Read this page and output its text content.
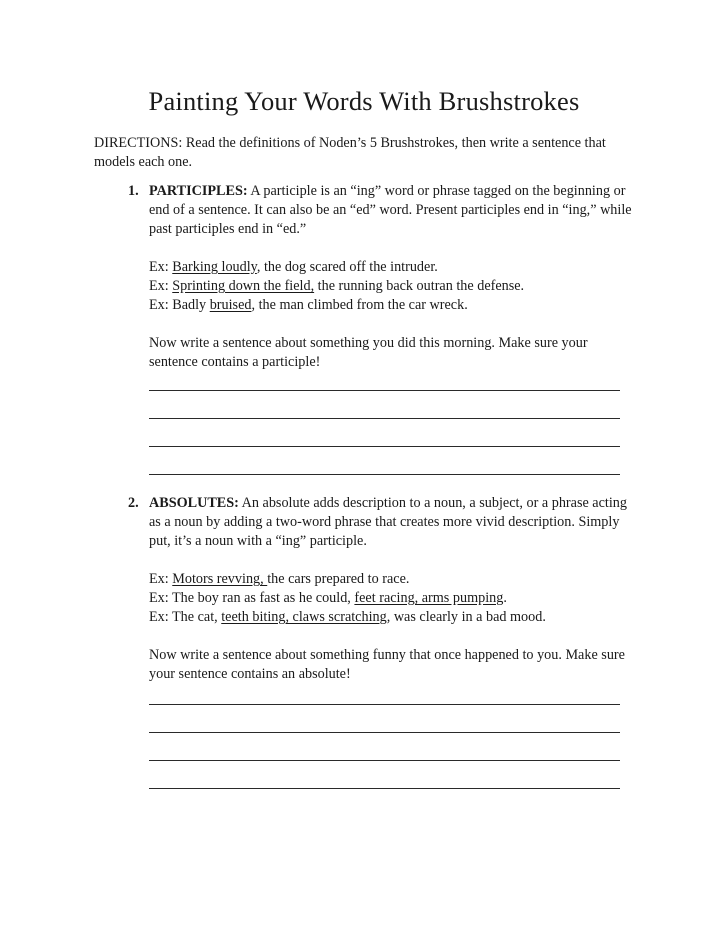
Painting Your Words With Brushstrokes

DIRECTIONS: Read the definitions of Noden’s 5 Brushstrokes, then write a sentence that models each one.

1. PARTICIPLES: A participle is an “ing” word or phrase tagged on the beginning or end of a sentence. It can also be an “ed” word. Present participles end in “ing,” while past participles end in “ed.”

Ex: Barking loudly, the dog scared off the intruder.

Ex: Sprinting down the field, the running back outran the defense.

Ex: Badly bruised, the man climbed from the car wreck.

Now write a sentence about something you did this morning. Make sure your sentence contains a participle!

2. ABSOLUTES: An absolute adds description to a noun, a subject, or a phrase acting as a noun by adding a two-word phrase that creates more vivid description. Simply put, it’s a noun with a “ing” participle.

Ex: Motors revving, the cars prepared to race.

Ex: The boy ran as fast as he could, feet racing, arms pumping.

Ex: The cat, teeth biting, claws scratching, was clearly in a bad mood.

Now write a sentence about something funny that once happened to you. Make sure your sentence contains an absolute!
